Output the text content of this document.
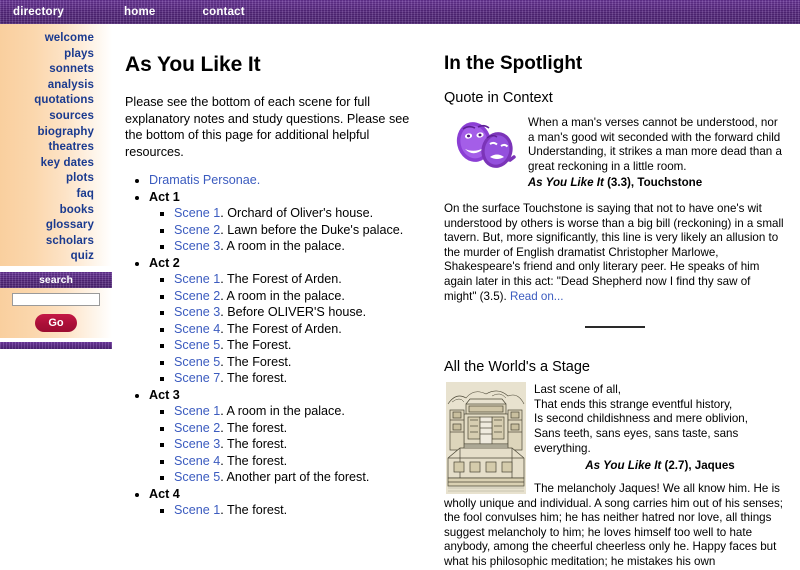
directory	home	contact
welcome
plays
sonnets
analysis
quotations
sources
biography
theatres
key dates
plots
faq
books
glossary
scholars
quiz
search
Go
As You Like It

Please see the bottom of each scene for full explanatory notes and study questions. Please see the bottom of this page for additional helpful resources.

• Dramatis Personae.
• Act 1
▪ Scene 1. Orchard of Oliver's house.
▪ Scene 2. Lawn before the Duke's palace.
▪ Scene 3. A room in the palace.
• Act 2
▪ Scene 1. The Forest of Arden.
▪ Scene 2. A room in the palace.
▪ Scene 3. Before OLIVER'S house.
▪ Scene 4. The Forest of Arden.
▪ Scene 5. The Forest.
▪ Scene 5. The Forest.
▪ Scene 7. The forest.
• Act 3
▪ Scene 1. A room in the palace.
▪ Scene 2. The forest.
▪ Scene 3. The forest.
▪ Scene 4. The forest.
▪ Scene 5. Another part of the forest.
• Act 4
▪ Scene 1. The forest.
In the Spotlight
Quote in Context

When a man's verses cannot be understood, nor a man's good wit seconded with the forward child Understanding, it strikes a man more dead than a great reckoning in a little room.

As You Like It (3.3), Touchstone

On the surface Touchstone is saying that not to have one's wit understood by others is worse than a big bill (reckoning) in a small tavern. But, more significantly, this line is very likely an allusion to the murder of English dramatist Christopher Marlowe, Shakespeare's friend and only literary peer. He speaks of him again later in this act: "Dead Shepherd now I find thy saw of might" (3.5). Read on...

All the World's a Stage

Last scene of all,
That ends this strange eventful history,
Is second childishness and mere oblivion,
Sans teeth, sans eyes, sans taste, sans everything.

As You Like It (2.7), Jaques

The melancholy Jaques! We all know him. He is wholly unique and individual. A song carries him out of his senses; the fool convulses him; he has neither hatred nor love, all things suggest melancholy to him; he loves himself too well to hate anybody, among the cheerful cheerless only he. Happy faces but what his philosophic meditation; he mistakes his own
